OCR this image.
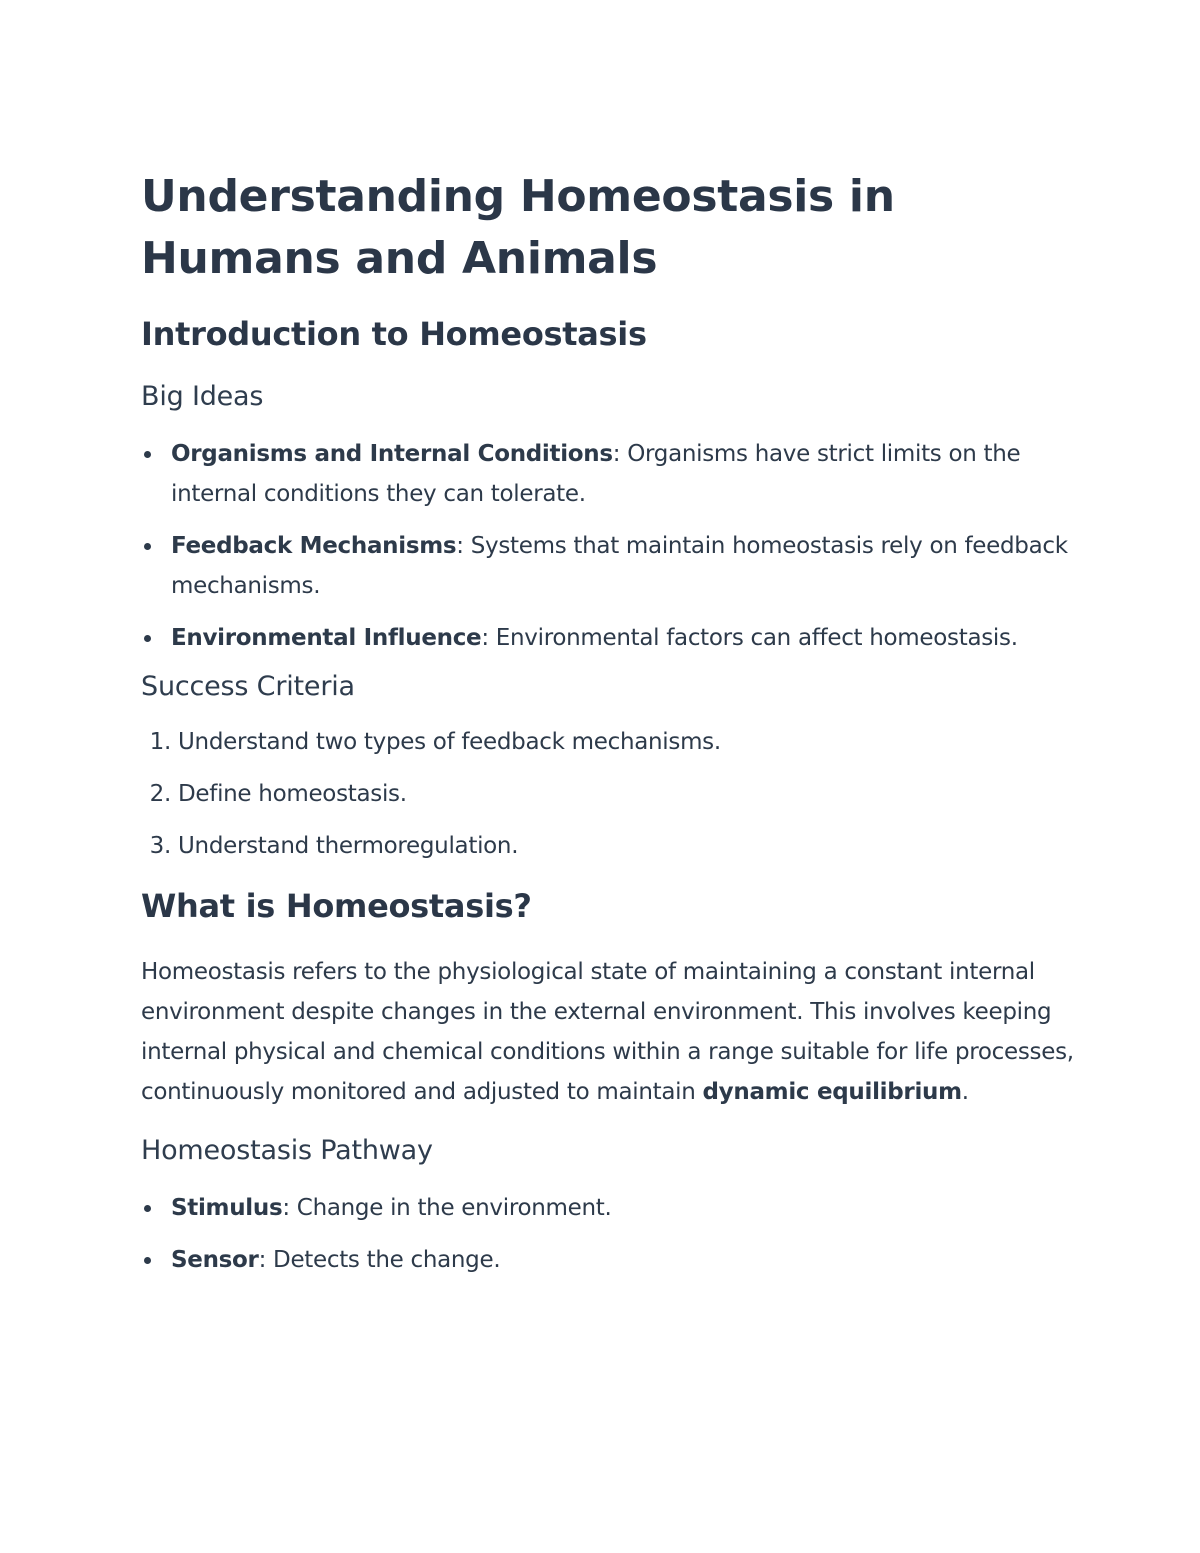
Understanding Homeostasis in Humans and Animals
Introduction to Homeostasis
Big Ideas
Organisms and Internal Conditions: Organisms have strict limits on the internal conditions they can tolerate.
Feedback Mechanisms: Systems that maintain homeostasis rely on feedback mechanisms.
Environmental Influence: Environmental factors can affect homeostasis.
Success Criteria
1. Understand two types of feedback mechanisms.
2. Define homeostasis.
3. Understand thermoregulation.
What is Homeostasis?

Homeostasis refers to the physiological state of maintaining a constant internal environment despite changes in the external environment. This involves keeping internal physical and chemical conditions within a range suitable for life processes, continuously monitored and adjusted to maintain dynamic equilibrium.

Homeostasis Pathway
Stimulus: Change in the environment.
Sensor: Detects the change.
